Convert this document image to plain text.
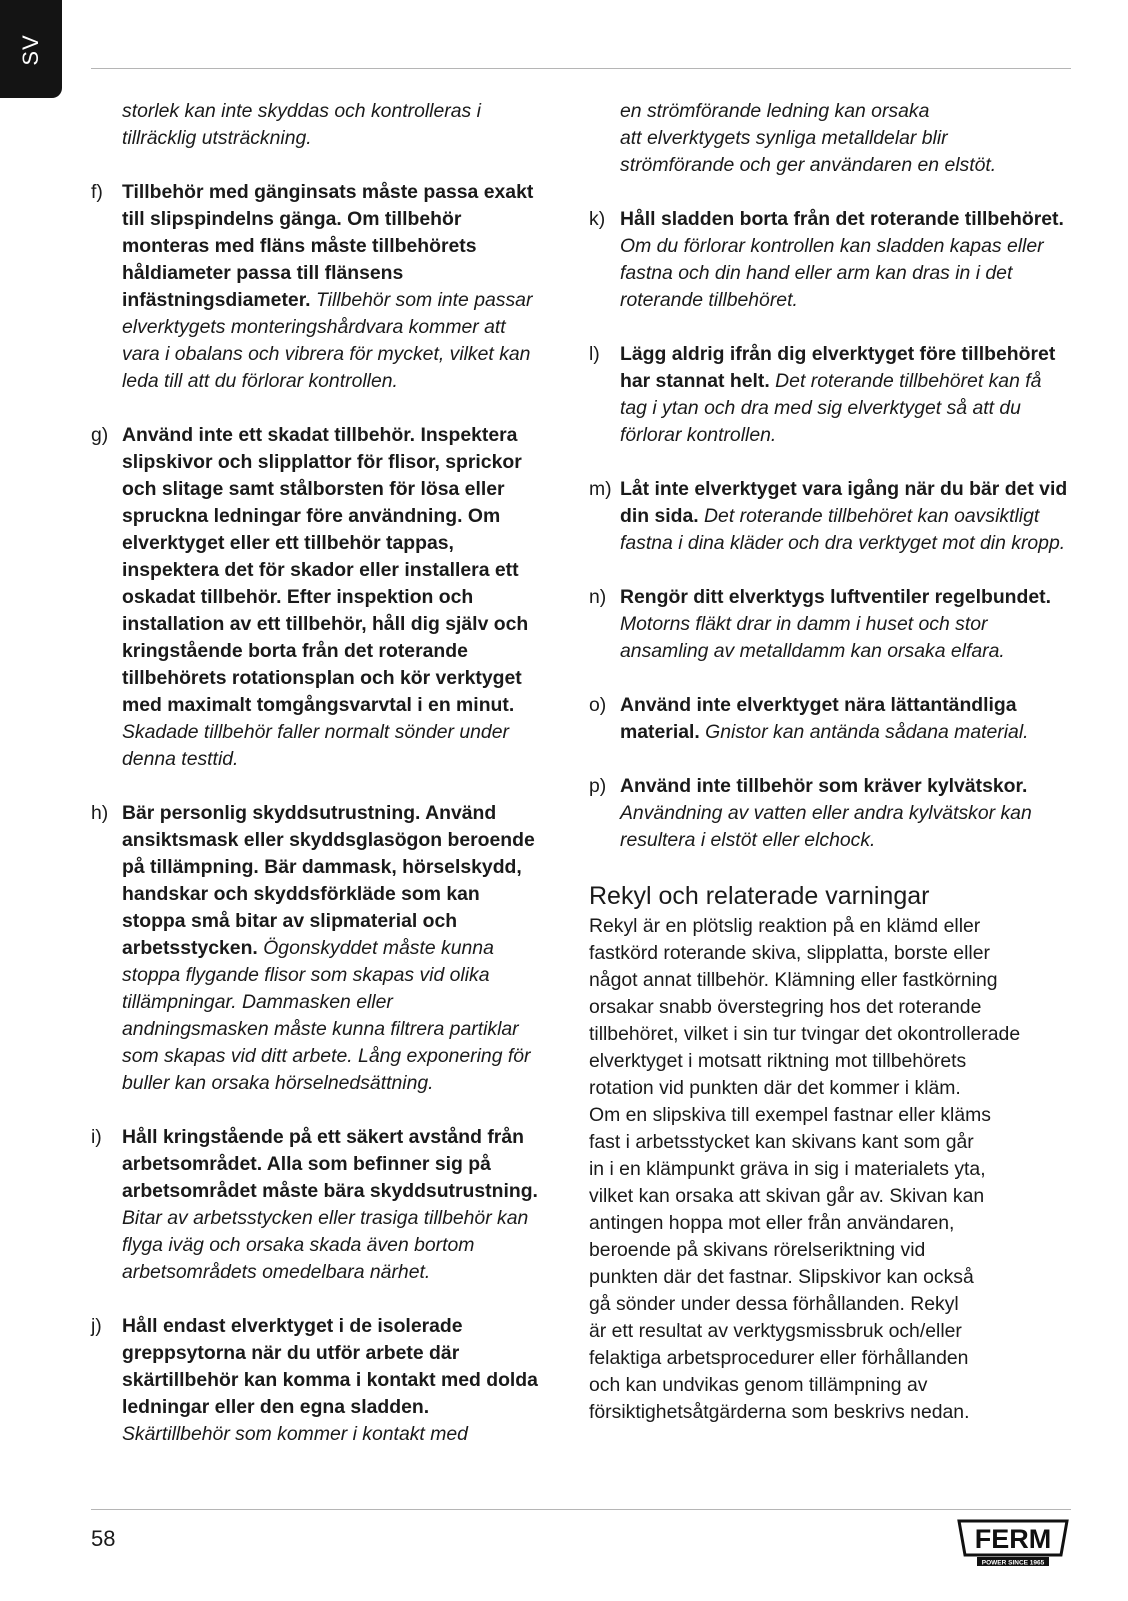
SV
storlek kan inte skyddas och kontrolleras i
tillräcklig utsträckning.
f) Tillbehör med gänginsats måste passa exakt till slipspindelns gänga. Om tillbehör monteras med fläns måste tillbehörets håldiameter passa till flänsens infästningsdiameter. Tillbehör som inte passar elverktygets monteringshårdvara kommer att vara i obalans och vibrera för mycket, vilket kan leda till att du förlorar kontrollen.
g) Använd inte ett skadat tillbehör. Inspektera slipskivor och slipplattor för flisor, sprickor och slitage samt stålborsten för lösa eller spruckna ledningar före användning. Om elverktyget eller ett tillbehör tappas, inspektera det för skador eller installera ett oskadat tillbehör. Efter inspektion och installation av ett tillbehör, håll dig själv och kringstående borta från det roterande tillbehörets rotationsplan och kör verktyget med maximalt tomgångsvarvtal i en minut. Skadade tillbehör faller normalt sönder under denna testtid.
h) Bär personlig skyddsutrustning. Använd ansiktsmask eller skyddsglasögon beroende på tillämpning. Bär dammask, hörselskydd, handskar och skyddsförkläde som kan stoppa små bitar av slipmaterial och arbetsstycken. Ögonskyddet måste kunna stoppa flygande flisor som skapas vid olika tillämpningar. Dammasken eller andningsmasken måste kunna filtrera partiklar som skapas vid ditt arbete. Lång exponering för buller kan orsaka hörselnedsättning.
i) Håll kringstående på ett säkert avstånd från arbetsområdet. Alla som befinner sig på arbetsområdet måste bära skyddsutrustning. Bitar av arbetsstycken eller trasiga tillbehör kan flyga iväg och orsaka skada även bortom arbetsområdets omedelbara närhet.
j) Håll endast elverktyget i de isolerade greppsytorna när du utför arbete där skärtillbehör kan komma i kontakt med dolda ledningar eller den egna sladden. Skärtillbehör som kommer i kontakt med
en strömförande ledning kan orsaka
att elverktygets synliga metalldelar blir
strömförande och ger användaren en elstöt.
k) Håll sladden borta från det roterande tillbehöret. Om du förlorar kontrollen kan sladden kapas eller fastna och din hand eller arm kan dras in i det roterande tillbehöret.
l) Lägg aldrig ifrån dig elverktyget före tillbehöret har stannat helt. Det roterande tillbehöret kan få tag i ytan och dra med sig elverktyget så att du förlorar kontrollen.
m) Låt inte elverktyget vara igång när du bär det vid din sida. Det roterande tillbehöret kan oavsiktligt fastna i dina kläder och dra verktyget mot din kropp.
n) Rengör ditt elverktygs luftventiler regelbundet. Motorns fläkt drar in damm i huset och stor ansamling av metalldamm kan orsaka elfara.
o) Använd inte elverktyget nära lättantändliga material. Gnistor kan antända sådana material.
p) Använd inte tillbehör som kräver kylvätskor. Användning av vatten eller andra kylvätskor kan resultera i elstöt eller elchock.
Rekyl och relaterade varningar
Rekyl är en plötslig reaktion på en klämd eller
fastkörd roterande skiva, slipplatta, borste eller
något annat tillbehör. Klämning eller fastkörning
orsakar snabb överstegring hos det roterande
tillbehöret, vilket i sin tur tvingar det okontrollerade
elverktyget i motsatt riktning mot tillbehörets
rotation vid punkten där det kommer i kläm.
Om en slipskiva till exempel fastnar eller kläms
fast i arbetsstycket kan skivans kant som går
in i en klämpunkt gräva in sig i materialets yta,
vilket kan orsaka att skivan går av. Skivan kan
antingen hoppa mot eller från användaren,
beroende på skivans rörelseriktning vid
punkten där det fastnar. Slipskivor kan också
gå sönder under dessa förhållanden. Rekyl
är ett resultat av verktygsmissbruk och/eller
felaktiga arbetsprocedurer eller förhållanden
och kan undvikas genom tillämpning av
försiktighetsåtgärderna som beskrivs nedan.
58	FERM
POWER SINCE 1965
